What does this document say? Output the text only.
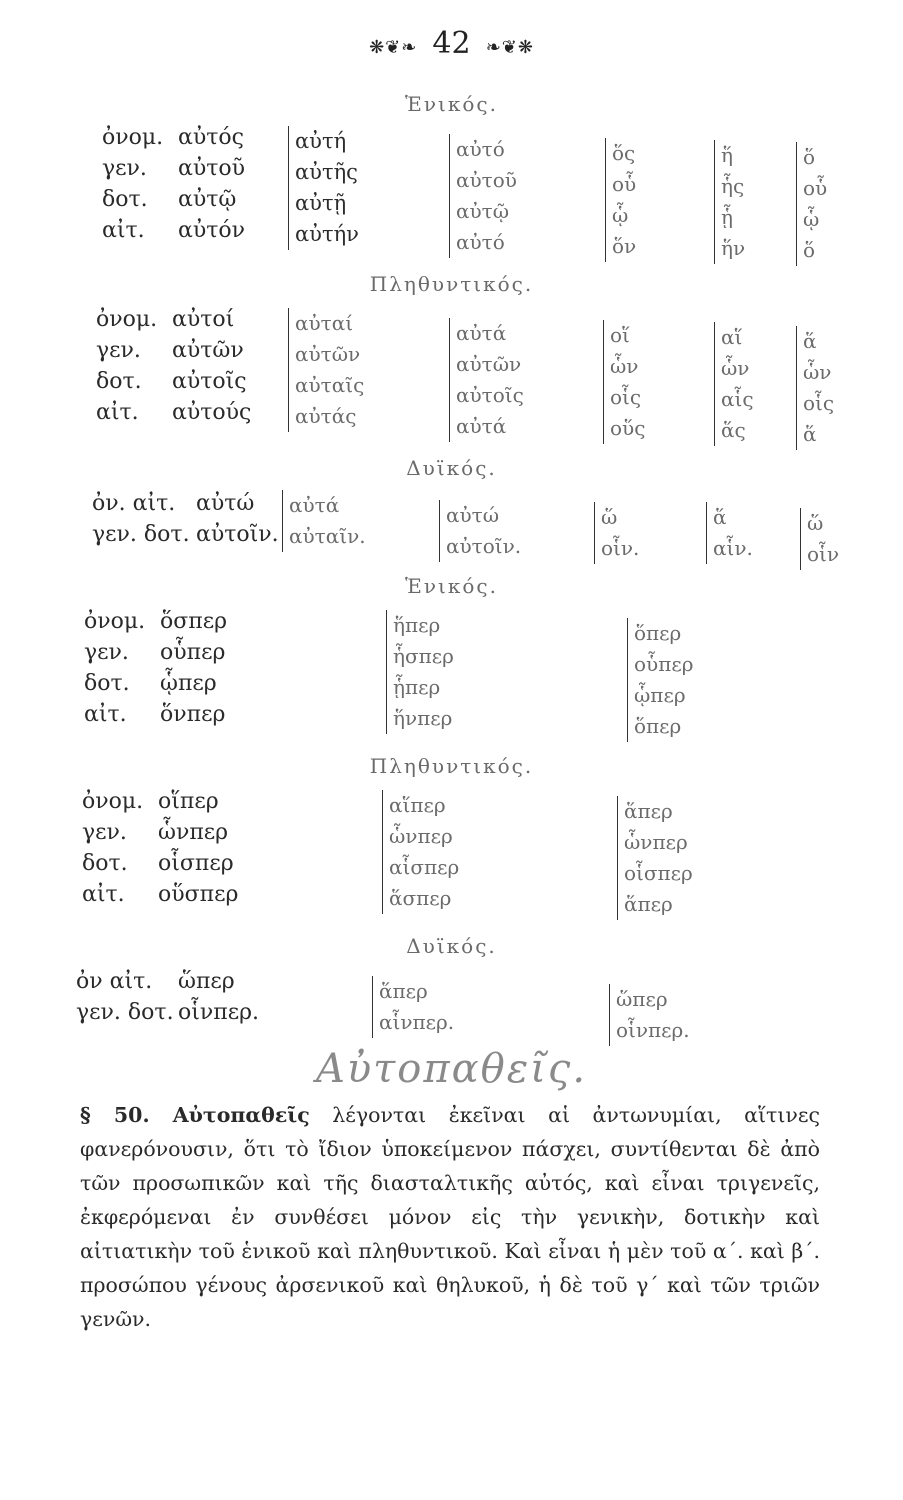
❋❦❧ 42 ❧❦❋
Ἑνικός.
ὀνομ.
γεν.
δοτ.
αἰτ.
αὐτός
αὐτοῦ
αὐτῷ
αὐτόν
αὐτή
αὐτῆς
αὐτῇ
αὐτήν
αὐτό
αὐτοῦ
αὐτῷ
αὐτό
ὅς
οὗ
ᾧ
ὅν
ἥ
ἧς
ᾗ
ἥν
ὅ
οὗ
ᾧ
ὅ
Πληθυντικός.
ὀνομ.
γεν.
δοτ.
αἰτ.
αὐτοί
αὐτῶν
αὐτοῖς
αὐτούς
αὐταί
αὐτῶν
αὐταῖς
αὐτάς
αὐτά
αὐτῶν
αὐτοῖς
αὐτά
οἵ
ὧν
οἷς
οὕς
αἵ
ὧν
αἷς
ἅς
ἅ
ὧν
οἷς
ἅ
Δυϊκός.
ὀν. αἰτ.
γεν. δοτ.
αὐτώ
αὐτοῖν.
αὐτά
αὐταῖν.
αὐτώ
αὐτοῖν.
ὥ
οἷν.
ἅ
αἷν.
ὥ
οἷν
Ἑνικός.
ὀνομ.
γεν.
δοτ.
αἰτ.
ὅσπερ
οὗπερ
ᾧπερ
ὅνπερ
ἥπερ
ἧσπερ
ᾗπερ
ἥνπερ
ὅπερ
οὗπερ
ᾧπερ
ὅπερ
Πληθυντικός.
ὀνομ.
γεν.
δοτ.
αἰτ.
οἵπερ
ὧνπερ
οἷσπερ
οὕσπερ
αἵπερ
ὧνπερ
αἷσπερ
ἅσπερ
ἅπερ
ὧνπερ
οἷσπερ
ἅπερ
Δυϊκός.
ὀν αἰτ.
γεν. δοτ.
ὥπερ
οἷνπερ.
ἅπερ
αἷνπερ.
ὥπερ
οἷνπερ.
Αὐτοπαθεῖς.
§ 50. Αὐτοπαθεῖς λέγονται ἐκεῖναι αἱ ἀντωνυμίαι, αἵτινες φανερόνουσιν, ὅτι τὸ ἴδιον ὑποκείμενον πάσχει, συντίθενται δὲ ἀπὸ τῶν προσωπικῶν καὶ τῆς διασταλτικῆς αὐτός, καὶ εἶναι τριγενεῖς, ἐκφερόμεναι ἐν συνθέσει μόνον εἰς τὴν γενικὴν, δοτικὴν καὶ αἰτιατικὴν τοῦ ἑνικοῦ καὶ πληθυντικοῦ. Καὶ εἶναι ἡ μὲν τοῦ α΄. καὶ β΄. προσώπου γένους ἀρσενικοῦ καὶ θηλυκοῦ, ἡ δὲ τοῦ γ΄ καὶ τῶν τριῶν γενῶν.
